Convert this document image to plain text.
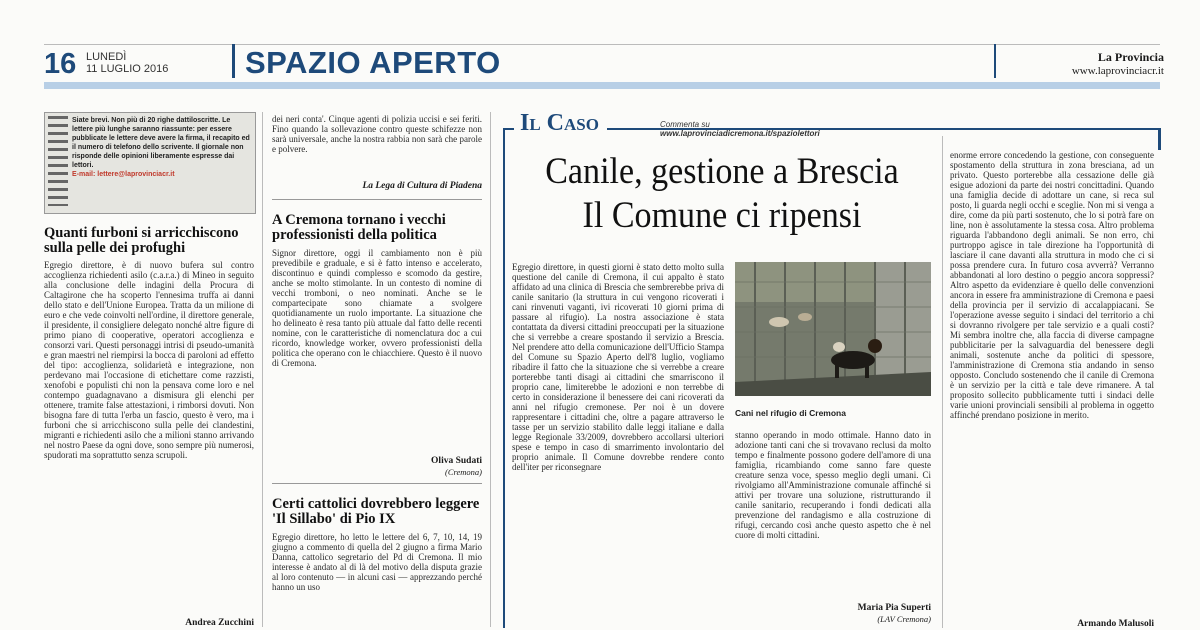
16 LUNEDÌ
11 LUGLIO 2016 SPAZIO APERTO	La Provincia
www.laprovinciacr.it
Siate brevi. Non più di 20 righe dattiloscritte. Le lettere più lunghe saranno riassunte: per essere pubblicate le lettere deve avere la firma, il recapito ed il numero di telefono dello scrivente. Il giornale non risponde delle opinioni liberamente espresse dai lettori.
E-mail: lettere@laprovinciacr.it
Quanti furboni si arricchiscono sulla pelle dei profughi
Egregio direttore, è di nuovo bufera sul contro accoglienza richiedenti asilo (c.a.r.a.) di Mineo in seguito alla conclusione delle indagini della Procura di Caltagirone che ha scoperto l'ennesima truffa ai danni dello stato e dell'Unione Europea. Tratta da un milione di euro e che vede coinvolti nell'ordine, il direttore generale, il presidente, il consigliere delegato nonché altre figure di primo piano di cooperative, operatori accoglienza e consorzi vari. Questi personaggi intrisi di pseudo-umanità e gran maestri nel riempirsi la bocca di paroloni ad effetto del tipo: accoglienza, solidarietà e integrazione, non perdevano mai l'occasione di etichettare come razzisti, xenofobi e populisti chi non la pensava come loro e nel contempo guadagnavano a dismisura gli elenchi per ottenere, tramite false attestazioni, i rimborsi dovuti. Non bisogna fare di tutta l'erba un fascio, questo è vero, ma i furboni che si arricchiscono sulla pelle dei clandestini, migranti e richiedenti asilo che a milioni stanno arrivando nel nostro Paese da ogni dove, sono sempre più numerosi, spudorati ma soprattutto senza scrupoli.
Andrea Zucchini
dei neri conta'. Cinque agenti di polizia uccisi e sei feriti. Fino quando la sollevazione contro queste schifezze non sarà universale, anche la nostra rabbia non sarà che parole e polvere.
La Lega di Cultura di Piadena
A Cremona tornano i vecchi professionisti della politica
Signor direttore, oggi il cambiamento non è più prevedibile e graduale, e si è fatto intenso e accelerato, discontinuo e quindi complesso e scomodo da gestire, anche se molto stimolante. In un contesto di nomine di vecchi tromboni, o neo nominati. Anche se le compartecipate sono chiamate a svolgere quotidianamente un ruolo importante. La situazione che ho delineato è resa tanto più attuale dal fatto delle recenti nomine, con le caratteristiche di nomenclatura doc a cui ricordo, knowledge worker, ovvero professionisti della politica che operano con le chiacchiere. Questo è il nuovo di Cremona.
Oliva Sudati
(Cremona)
Certi cattolici dovrebbero leggere 'Il Sillabo' di Pio IX
Egregio direttore, ho letto le lettere del 6, 7, 10, 14, 19 giugno a commento di quella del 2 giugno a firma Mario Danna, cattolico segretario del Pd di Cremona. Il mio interesse è andato al di là del motivo della disputa grazie al loro contenuto — in alcuni casi — apprezzando perché hanno un uso
Il Caso	Commenta su
www.laprovinciadicremona.it/spaziolettori
Canile, gestione a Brescia
Il Comune ci ripensi
Egregio direttore, in questi giorni è stato detto molto sulla questione del canile di Cremona, il cui appalto è stato affidato ad una clinica di Brescia che sembrerebbe priva di canile sanitario (la struttura in cui vengono ricoverati i cani rinvenuti vaganti, ivi ricoverati 10 giorni prima di passare al rifugio). La nostra associazione è stata contattata da diversi cittadini preoccupati per la situazione che si verrebbe a creare spostando il servizio a Brescia. Nel prendere atto della comunicazione dell'Ufficio Stampa del Comune su Spazio Aperto dell'8 luglio, vogliamo ribadire il fatto che la situazione che si verrebbe a creare porterebbe tanti disagi ai cittadini che smarriscono il proprio cane, limiterebbe le adozioni e non terrebbe di certo in considerazione il benessere dei cani ricoverati da anni nel rifugio cremonese. Per noi è un dovere rappresentare i cittadini che, oltre a pagare attraverso le tasse per un servizio stabilito dalle leggi italiane e dalla legge Regionale 33/2009, dovrebbero accollarsi ulteriori spese e tempo in caso di smarrimento involontario del proprio animale. Il Comune dovrebbe rendere conto dell'iter per riconsegnare
Cani nel rifugio di Cremona
stanno operando in modo ottimale. Hanno dato in adozione tanti cani che si trovavano reclusi da molto tempo e finalmente possono godere dell'amore di una famiglia, ricambiando come sanno fare queste creature senza voce, spesso meglio degli umani. Ci rivolgiamo all'Amministrazione comunale affinché si attivi per trovare una soluzione, ristrutturando il canile sanitario, recuperando i fondi dedicati alla prevenzione del randagismo e alla costruzione di rifugi, cercando così anche questo aspetto che è nel cuore di molti cittadini.
Maria Pia Superti
(LAV Cremona)
enorme errore concedendo la gestione, con conseguente spostamento della struttura in zona bresciana, ad un privato. Questo porterebbe alla cessazione delle già esigue adozioni da parte dei nostri concittadini. Quando una famiglia decide di adottare un cane, si reca sul posto, li guarda negli occhi e sceglie. Non mi si venga a dire, come da più parti sostenuto, che lo si potrà fare on line, non è assolutamente la stessa cosa. Altro problema riguarda l'abbandono degli animali. Se non erro, chi purtroppo agisce in tale direzione ha l'opportunità di lasciare il cane davanti alla struttura in modo che ci si possa prendere cura. In futuro cosa avverrà? Verranno abbandonati al loro destino o peggio ancora soppressi? Altro aspetto da evidenziare è quello delle convenzioni ancora in essere fra amministrazione di Cremona e paesi della provincia per il servizio di accalappiacani. Se l'operazione avesse seguito i sindaci del territorio a chi si dovranno rivolgere per tale servizio e a quali costi? Mi sembra inoltre che, alla faccia di diverse campagne pubblicitarie per la salvaguardia del benessere degli animali, sostenute anche da politici di spessore, l'amministrazione di Cremona stia andando in senso opposto. Concludo sostenendo che il canile di Cremona è un servizio per la città e tale deve rimanere. A tal proposito sollecito pubblicamente tutti i sindaci delle varie unioni provinciali sensibili al problema in oggetto affinché prendano posizione in merito.
Armando Malusoli
